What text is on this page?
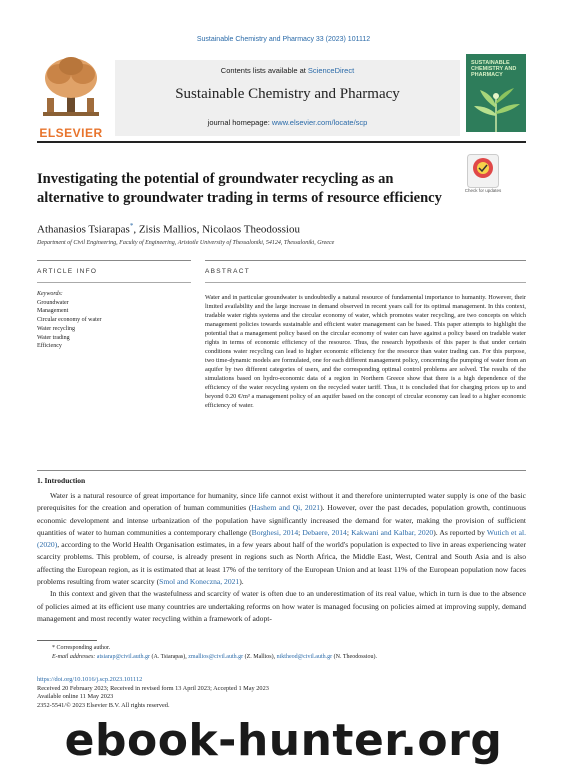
Sustainable Chemistry and Pharmacy 33 (2023) 101112
ELSEVIER
Contents lists available at ScienceDirect
Sustainable Chemistry and Pharmacy
journal homepage: www.elsevier.com/locate/scp
SUSTAINABLE CHEMISTRY AND PHARMACY
Investigating the potential of groundwater recycling as an alternative to groundwater trading in terms of resource efficiency	Check for updates
Athanasios Tsiarapas*, Zisis Mallios, Nicolaos Theodossiou
Department of Civil Engineering, Faculty of Engineering, Aristotle University of Thessaloniki, 54124, Thessaloniki, Greece
ARTICLE INFO	ABSTRACT
Keywords:
Groundwater
Management
Circular economy of water
Water recycling
Water trading
Efficiency
Water and in particular groundwater is undoubtedly a natural resource of fundamental importance to humanity. However, their limited availability and the large increase in demand observed in recent years call for its optimal management. In this context, tradable water rights systems and the circular economy of water, which promotes water recycling, are two concepts on which management policies towards sustainable and efficient water management can be based. This paper attempts to highlight the potential that a management policy based on the circular economy of water can have against a policy based on tradable water rights in terms of economic efficiency of the resource. Thus, the research hypothesis of this paper is that under certain conditions water recycling can lead to higher economic efficiency for the resource than water trading can. For this purpose, two time-dynamic models are formulated, one for each different management policy, concerning the pumping of water from an aquifer by two different categories of users, and the corresponding optimal control problems are solved. The results of the simulations based on hydro-economic data of a region in Northern Greece show that there is a high dependence of the efficiency of the water recycling system on the recycled water tariff. Thus, it is concluded that for charging prices up to and beyond 0.20 €/m³ a management policy of an aquifer based on the concept of circular economy can lead to a higher economic efficiency of water.
1. Introduction

Water is a natural resource of great importance for humanity, since life cannot exist without it and therefore uninterrupted water supply is one of the basic prerequisites for the creation and operation of human communities (Hashem and Qi, 2021). However, over the past decades, population growth, continuous economic development and intense urbanization of the population have significantly increased the demand for water, making the provision of sufficient quantities of water to human communities a contemporary challenge (Borghesi, 2014; Debaere, 2014; Kakwani and Kalbar, 2020). As reported by Wutich et al. (2020), according to the World Health Organisation estimates, in a few years about half of the world's population is expected to live in areas experiencing water scarcity problems. This problem, of course, is already present in regions such as North Africa, the Middle East, West, Central and South Asia and is also affecting the European region, as it is estimated that at least 17% of the territory of the European Union and at least 11% of the European population now faces problems resulting from water scarcity (Smol and Koneczna, 2021).

In this context and given that the wastefulness and scarcity of water is often due to an underestimation of its real value, which in turn is due to the absence of policies aimed at its efficient use many countries are undertaking reforms on how water is managed focusing on policies aimed at improving supply, demand management and most recently water recycling within a framework of adopt-

* Corresponding author.
E-mail addresses: atsiarap@civil.auth.gr (A. Tsiarapas), zmallios@civil.auth.gr (Z. Mallios), niktheod@civil.auth.gr (N. Theodossiou).
https://doi.org/10.1016/j.scp.2023.101112
Received 20 February 2023; Received in revised form 13 April 2023; Accepted 1 May 2023
Available online 11 May 2023
2352-5541/© 2023 Elsevier B.V. All rights reserved.
ebook-hunter.org
